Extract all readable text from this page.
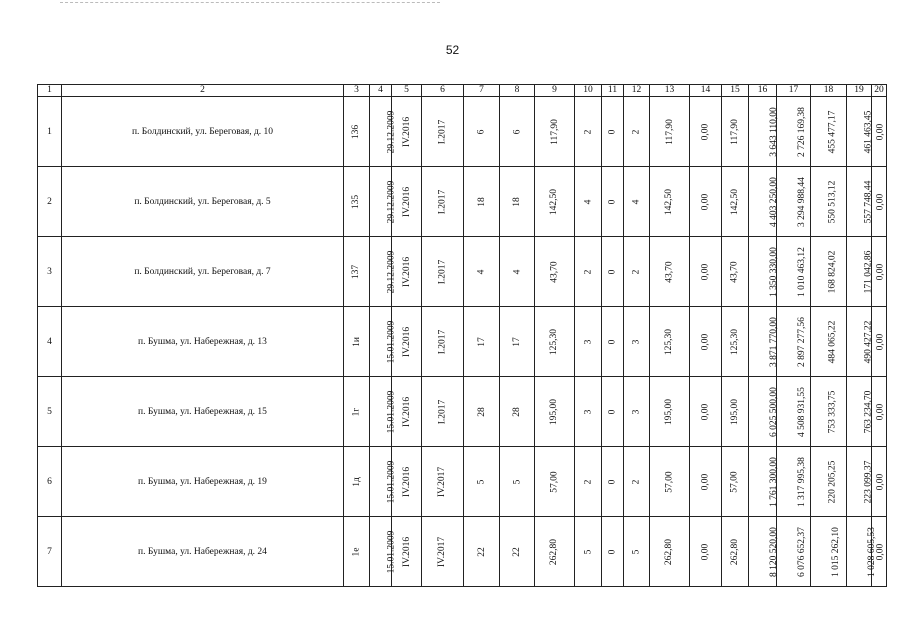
52
1	2	3	4	5	6	7	8	9	10	11	12	13	14	15	16	17	18	19	20
1	п. Болдинский, ул. Береговая, д. 10	136	29.12.2009	IV.2016	I.2017	6	6	117,90	2	0	2	117,90	0,00	117,90	3 643 110,00	2 726 169,38	455 477,17	461 463,45	0,00
2	п. Болдинский, ул. Береговая, д. 5	135	29.12.2009	IV.2016	I.2017	18	18	142,50	4	0	4	142,50	0,00	142,50	4 403 250,00	3 294 988,44	550 513,12	557 748,44	0,00
3	п. Болдинский, ул. Береговая, д. 7	137	29.12.2009	IV.2016	I.2017	4	4	43,70	2	0	2	43,70	0,00	43,70	1 350 330,00	1 010 463,12	168 824,02	171 042,86	0,00
4	п. Бушма, ул. Набережная, д. 13	1и	15.01.2009	IV.2016	I.2017	17	17	125,30	3	0	3	125,30	0,00	125,30	3 871 770,00	2 897 277,56	484 065,22	490 427,22	0,00
5	п. Бушма, ул. Набережная, д. 15	1г	15.01.2009	IV.2016	I.2017	28	28	195,00	3	0	3	195,00	0,00	195,00	6 025 500,00	4 508 931,55	753 333,75	763 234,70	0,00
6	п. Бушма, ул. Набережная, д. 19	1д	15.01.2009	IV.2016	IV.2017	5	5	57,00	2	0	2	57,00	0,00	57,00	1 761 300,00	1 317 995,38	220 205,25	223 099,37	0,00
7	п. Бушма, ул. Набережная, д. 24	1е	15.01.2009	IV.2016	IV.2017	22	22	262,80	5	0	5	262,80	0,00	262,80	8 120 520,00	6 076 652,37	1 015 262,10	1 028 605,53	0,00
